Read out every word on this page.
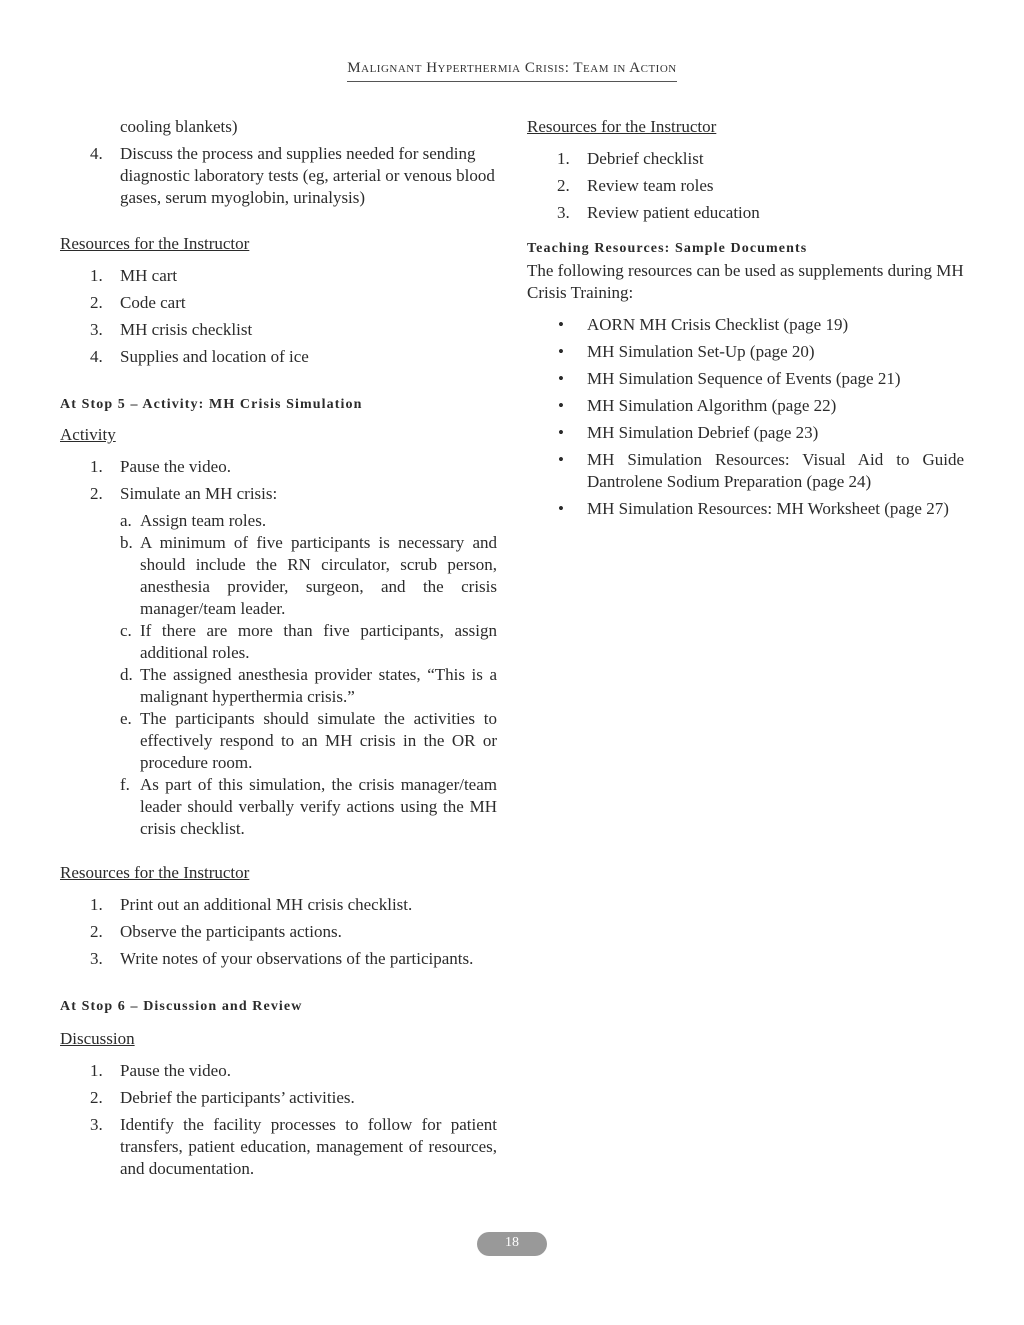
Malignant Hyperthermia Crisis: Team in Action
cooling blankets)
4.	Discuss the process and supplies needed for sending diagnostic laboratory tests (eg, arterial or venous blood gases, serum myoglobin, urinalysis)
Resources for the Instructor
1.	MH cart
2.	Code cart
3.	MH crisis checklist
4.	Supplies and location of ice
At Stop 5 – Activity: MH Crisis Simulation
Activity
1.	Pause the video.
2.	Simulate an MH crisis:
a. Assign team roles.
b. A minimum of five participants is necessary and should include the RN circulator, scrub person, anesthesia provider, surgeon, and the crisis manager/team leader.
c. If there are more than five participants, assign additional roles.
d. The assigned anesthesia provider states, “This is a malignant hyperthermia crisis.”
e. The participants should simulate the activities to effectively respond to an MH crisis in the OR or procedure room.
f. As part of this simulation, the crisis manager/team leader should verbally verify actions using the MH crisis checklist.
Resources for the Instructor
1.	Print out an additional MH crisis checklist.
2.	Observe the participants actions.
3.	Write notes of your observations of the participants.
At Stop 6 – Discussion and Review
Discussion
1.	Pause the video.
2.	Debrief the participants’ activities.
3.	Identify the facility processes to follow for patient transfers, patient education, management of resources, and documentation.
Resources for the Instructor
1.	Debrief checklist
2.	Review team roles
3.	Review patient education
Teaching Resources: Sample Documents
The following resources can be used as supplements during MH Crisis Training:
• AORN MH Crisis Checklist (page 19)
• MH Simulation Set-Up (page 20)
• MH Simulation Sequence of Events (page 21)
• MH Simulation Algorithm (page 22)
• MH Simulation Debrief (page 23)
• MH Simulation Resources: Visual Aid to Guide Dantrolene Sodium Preparation (page 24)
• MH Simulation Resources: MH Worksheet (page 27)
18
